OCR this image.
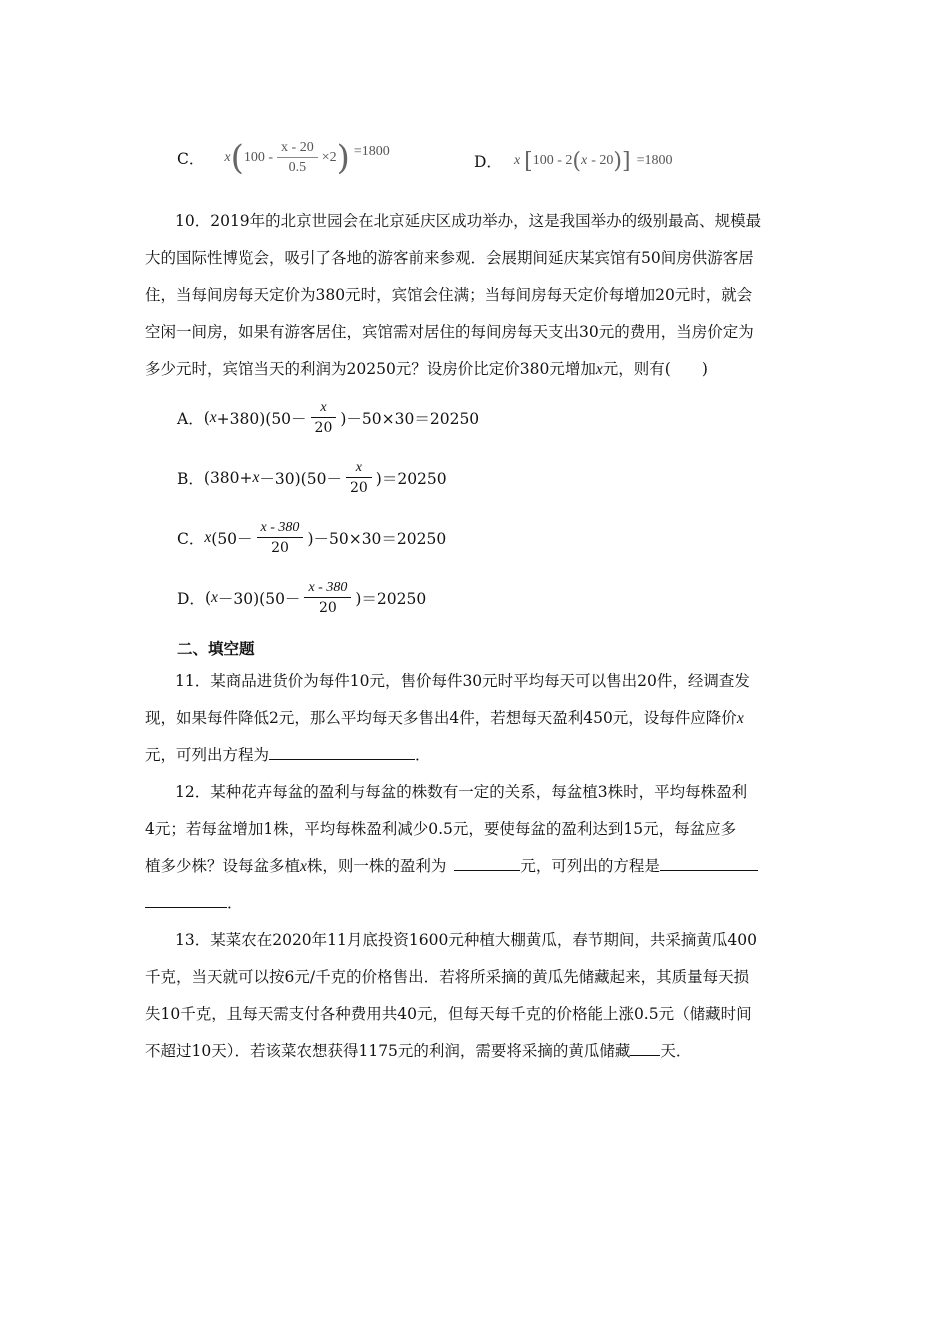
C． x ( $100 - \frac{x - 20}{0.5} \times 2$ ) =1800
D． x [ 100 - 2 ( x - 20 ) ] =1800
10．2019年的北京世园会在北京延庆区成功举办，这是我国举办的级别最高、规模最
大的国际性博览会，吸引了各地的游客前来参观．会展期间延庆某宾馆有50间房供游客居
住，当每间房每天定价为380元时，宾馆会住满；当每间房每天定价每增加20元时，就会
空闲一间房，如果有游客居住，宾馆需对居住的每间房每天支出30元的费用，当房价定为
多少元时，宾馆当天的利润为20250元？设房价比定价380元增加x元，则有(　　)
A． ( $x +380)(50- \frac{x}{20} )-50\times 30=20250$
B． $(380+ x -30)(50- \frac{x}{20} )=20250$
C． x $(50- \frac{x - 380}{20} )-50\times 30=20250$
D． ( $x -30)(50- \frac{x - 380}{20} )=20250$
二、填空题
11．某商品进货价为每件10元，售价每件30元时平均每天可以售出20件，经调查发
现，如果每件降低2元，那么平均每天多售出4件，若想每天盈利450元，设每件应降价x
元，可列出方程为	．
12．某种花卉每盆的盈利与每盆的株数有一定的关系，每盆植3株时，平均每株盈利
4元；若每盆增加1株，平均每株盈利减少0.5元，要使每盆的盈利达到15元，每盆应多
植多少株？设每盆多植x株，则一株的盈利为	元，可列出的方程是
．
13．某菜农在2020年11月底投资1600元种植大棚黄瓜，春节期间，共采摘黄瓜400
千克，当天就可以按6元/千克的价格售出．若将所采摘的黄瓜先储藏起来，其质量每天损
失10千克，且每天需支付各种费用共40元，但每天每千克的价格能上涨0.5元（储藏时间
不超过10天）．若该菜农想获得1175元的利润，需要将采摘的黄瓜储藏 天．
